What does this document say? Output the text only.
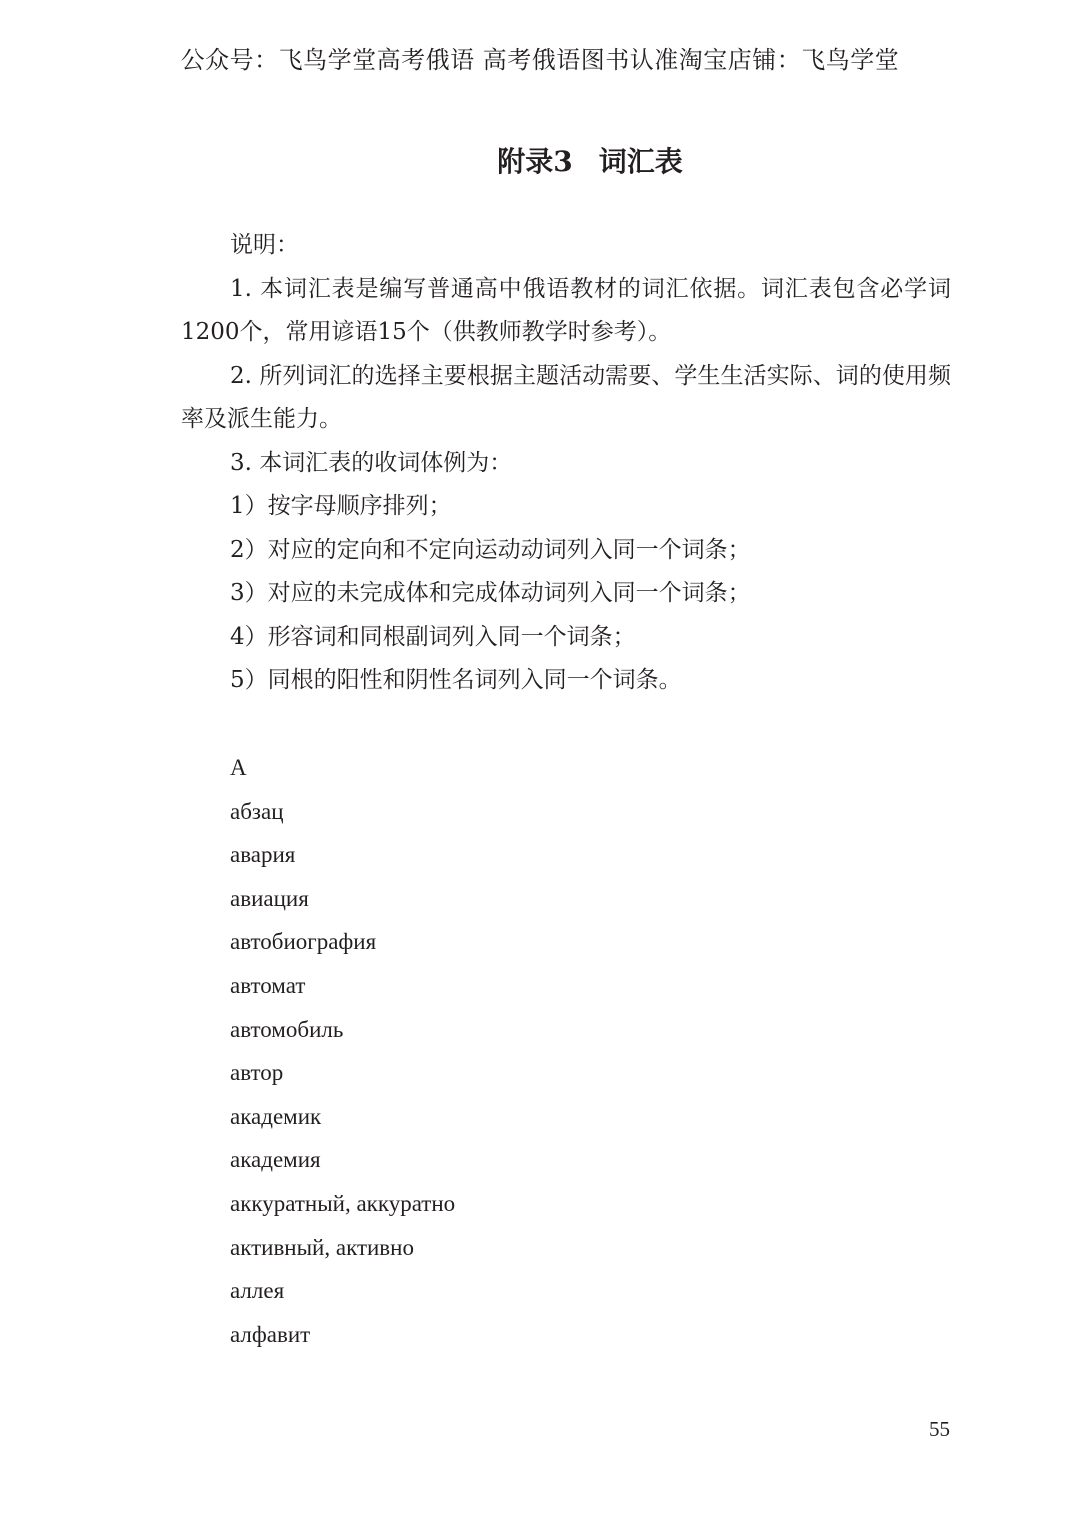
公众号：飞鸟学堂高考俄语 高考俄语图书认准淘宝店铺：飞鸟学堂
附录3 词汇表

说明：

1. 本词汇表是编写普通高中俄语教材的词汇依据。词汇表包含必学词1200个，常用谚语15个（供教师教学时参考）。

2. 所列词汇的选择主要根据主题活动需要、学生生活实际、词的使用频率及派生能力。

3. 本词汇表的收词体例为：

1）按字母顺序排列；

2）对应的定向和不定向运动动词列入同一个词条；

3）对应的未完成体和完成体动词列入同一个词条；

4）形容词和同根副词列入同一个词条；

5）同根的阳性和阴性名词列入同一个词条。

A
абзац
авария
авиация
автобиография
автомат
автомобиль
автор
академик
академия
аккуратный, аккуратно
активный, активно
аллея
алфавит
55
